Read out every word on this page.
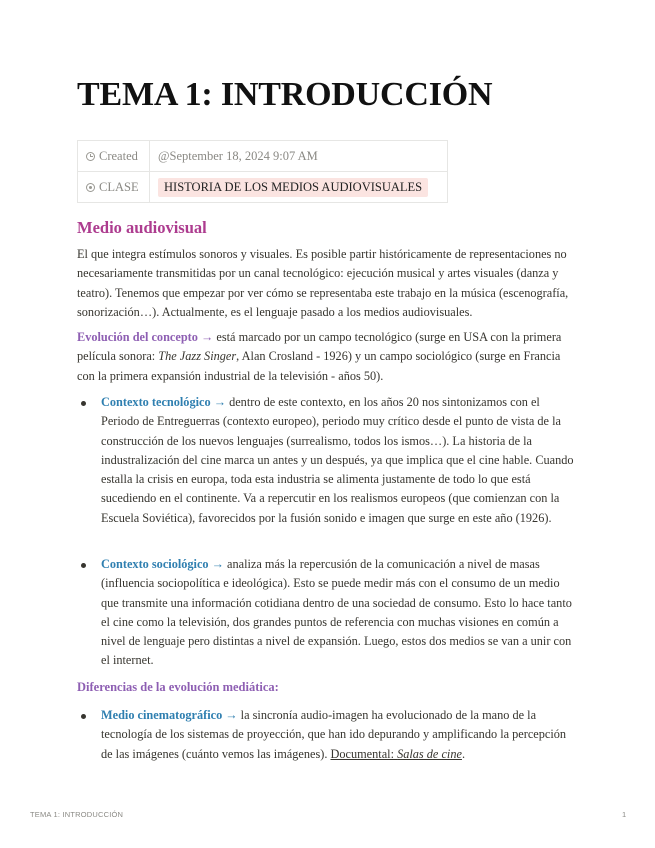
TEMA 1: INTRODUCCIÓN
Created	@September 18, 2024 9:07 AM
CLASE	HISTORIA DE LOS MEDIOS AUDIOVISUALES
Medio audiovisual

El que integra estímulos sonoros y visuales. Es posible partir históricamente de representaciones no necesariamente transmitidas por un canal tecnológico: ejecución musical y artes visuales (danza y teatro). Tenemos que empezar por ver cómo se representaba este trabajo en la música (escenografía, sonorización…). Actualmente, es el lenguaje pasado a los medios audiovisuales.

Evolución del concepto → está marcado por un campo tecnológico (surge en USA con la primera película sonora: The Jazz Singer, Alan Crosland - 1926) y un campo sociológico (surge en Francia con la primera expansión industrial de la televisión - años 50).

Contexto tecnológico → dentro de este contexto, en los años 20 nos sintonizamos con el Periodo de Entreguerras (contexto europeo), periodo muy crítico desde el punto de vista de la construcción de los nuevos lenguajes (surrealismo, todos los ismos…). La historia de la industralización del cine marca un antes y un después, ya que implica que el cine hable. Cuando estalla la crisis en europa, toda esta industria se alimenta justamente de todo lo que está sucediendo en el continente. Va a repercutir en los realismos europeos (que comienzan con la Escuela Soviética), favorecidos por la fusión sonido e imagen que surge en este año (1926).

Contexto sociológico → analiza más la repercusión de la comunicación a nivel de masas (influencia sociopolítica e ideológica). Esto se puede medir más con el consumo de un medio que transmite una información cotidiana dentro de una sociedad de consumo. Esto lo hace tanto el cine como la televisión, dos grandes puntos de referencia con muchas visiones en común a nivel de lenguaje pero distintas a nivel de expansión. Luego, estos dos medios se van a unir con el internet.

Diferencias de la evolución mediática:

Medio cinematográfico → la sincronía audio-imagen ha evolucionado de la mano de la tecnología de los sistemas de proyección, que han ido depurando y amplificando la percepción de las imágenes (cuánto vemos las imágenes). Documental: Salas de cine.

TEMA 1: INTRODUCCIÓN	1
